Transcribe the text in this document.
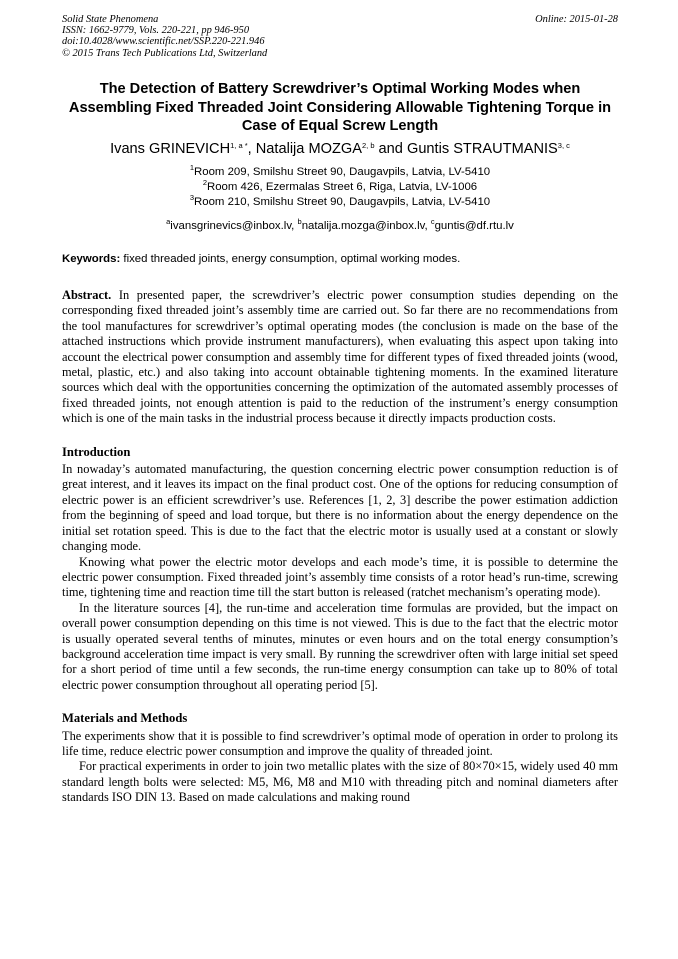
Solid State Phenomena
ISSN: 1662-9779, Vols. 220-221, pp 946-950
doi:10.4028/www.scientific.net/SSP.220-221.946
© 2015 Trans Tech Publications Ltd, Switzerland
Online: 2015-01-28
The Detection of Battery Screwdriver’s Optimal Working Modes when Assembling Fixed Threaded Joint Considering Allowable Tightening Torque in Case of Equal Screw Length
Ivans $GRINEVICH^{1, a *}$, Natalija MOZGA$^{2, b}$ and Guntis STRAUTMANIS$^{3, c}$
$^1$Room 209, Smilshu Street 90, Daugavpils, Latvia, LV-5410
$^2$Room 426, Ezermalas Street 6, Riga, Latvia, LV-1006
$^3$Room 210, Smilshu Street 90, Daugavpils, Latvia, LV-5410
$^a$ivansgrinevics@inbox.lv, $^b$natalija.mozga@inbox.lv, $^c$guntis@df.rtu.lv
Keywords: fixed threaded joints, energy consumption, optimal working modes.

Abstract. In presented paper, the screwdriver’s electric power consumption studies depending on the corresponding fixed threaded joint’s assembly time are carried out. So far there are no recommendations from the tool manufactures for screwdriver’s optimal operating modes (the conclusion is made on the base of the attached instructions which provide instrument manufacturers), when evaluating this aspect upon taking into account the electrical power consumption and assembly time for different types of fixed threaded joints (wood, metal, plastic, etc.) and also taking into account obtainable tightening moments. In the examined literature sources which deal with the opportunities concerning the optimization of the automated assembly processes of fixed threaded joints, not enough attention is paid to the reduction of the instrument’s energy consumption which is one of the main tasks in the industrial process because it directly impacts production costs.

Introduction

In nowaday’s automated manufacturing, the question concerning electric power consumption reduction is of great interest, and it leaves its impact on the final product cost. One of the options for reducing consumption of electric power is an efficient screwdriver’s use. References [1, 2, 3] describe the power estimation addiction from the beginning of speed and load torque, but there is no information about the energy dependence on the initial set rotation speed. This is due to the fact that the electric motor is usually used at a constant or slowly changing mode.

Knowing what power the electric motor develops and each mode’s time, it is possible to determine the electric power consumption. Fixed threaded joint’s assembly time consists of a rotor head’s run-time, screwing time, tightening time and reaction time till the start button is released (ratchet mechanism’s operating mode).

In the literature sources [4], the run-time and acceleration time formulas are provided, but the impact on overall power consumption depending on this time is not viewed. This is due to the fact that the electric motor is usually operated several tenths of minutes, minutes or even hours and on the total energy consumption’s background acceleration time impact is very small. By running the screwdriver often with large initial set speed for a short period of time until a few seconds, the run-time energy consumption can take up to 80% of total electric power consumption throughout all operating period [5].

Materials and Methods

The experiments show that it is possible to find screwdriver’s optimal mode of operation in order to prolong its life time, reduce electric power consumption and improve the quality of threaded joint.

For practical experiments in order to join two metallic plates with the size of 80×70×15, widely used 40 mm standard length bolts were selected: M5, M6, M8 and M10 with threading pitch and nominal diameters after standards ISO DIN 13. Based on made calculations and making round
